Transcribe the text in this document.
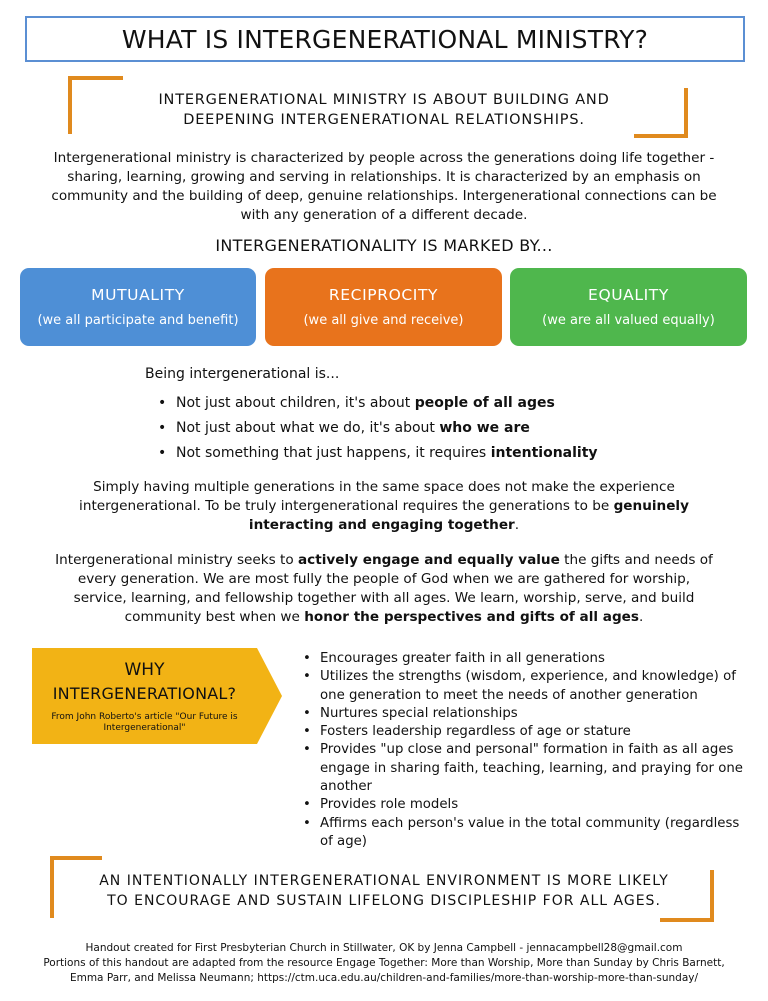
WHAT IS INTERGENERATIONAL MINISTRY?
INTERGENERATIONAL MINISTRY IS ABOUT BUILDING AND
DEEPENING INTERGENERATIONAL RELATIONSHIPS.
Intergenerational ministry is characterized by people across the generations doing life together -
sharing, learning, growing and serving in relationships. It is characterized by an emphasis on
community and the building of deep, genuine relationships. Intergenerational connections can be
with any generation of a different decade.
INTERGENERATIONALITY IS MARKED BY...
MUTUALITY
(we all participate and benefit)
RECIPROCITY
(we all give and receive)
EQUALITY
(we are all valued equally)
Being intergenerational is...
• Not just about children, it's about people of all ages
• Not just about what we do, it's about who we are
• Not something that just happens, it requires intentionality
Simply having multiple generations in the same space does not make the experience
intergenerational. To be truly intergenerational requires the generations to be genuinely
interacting and engaging together.
Intergenerational ministry seeks to actively engage and equally value the gifts and needs of
every generation. We are most fully the people of God when we are gathered for worship,
service, learning, and fellowship together with all ages. We learn, worship, serve, and build
community best when we honor the perspectives and gifts of all ages.
WHY
INTERGENERATIONAL?
From John Roberto's article "Our Future is Intergenerational"
• Encourages greater faith in all generations
• Utilizes the strengths (wisdom, experience, and knowledge) of one generation to meet the needs of another generation
• Nurtures special relationships
• Fosters leadership regardless of age or stature
• Provides "up close and personal" formation in faith as all ages engage in sharing faith, teaching, learning, and praying for one another
• Provides role models
• Affirms each person's value in the total community (regardless of age)
AN INTENTIONALLY INTERGENERATIONAL ENVIRONMENT IS MORE LIKELY
TO ENCOURAGE AND SUSTAIN LIFELONG DISCIPLESHIP FOR ALL AGES.
Handout created for First Presbyterian Church in Stillwater, OK by Jenna Campbell - jennacampbell28@gmail.com
Portions of this handout are adapted from the resource Engage Together: More than Worship, More than Sunday by Chris Barnett,
Emma Parr, and Melissa Neumann; https://ctm.uca.edu.au/children-and-families/more-than-worship-more-than-sunday/
